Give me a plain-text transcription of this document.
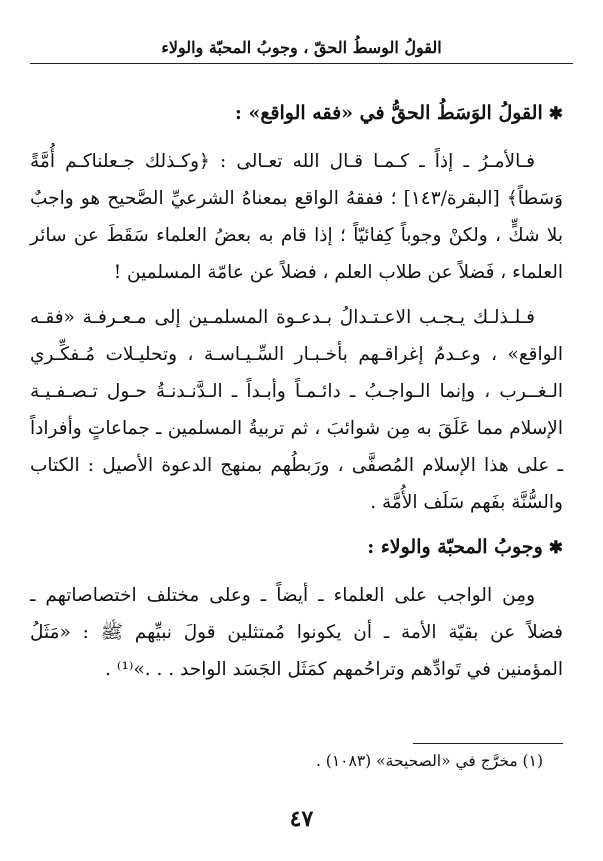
القولُ الوسطُ الحقّ ، وجوبُ المحبّة والولاء
✱القولُ الوَسَطُ الحقُّ في «فقه الواقع» :

فـالأمـرُ ـ إذاً ـ كـمـا قـال الله تعـالى : ﴿وكـذلك جـعلناكـم أُمَّةً وَسَطاً﴾ [البقرة/١٤٣] ؛ ففقهُ الواقع بمعناهُ الشرعيِّ الصَّحيح هو واجبٌ بلا شكٍّ ، ولكنْ وجوباً كِفائيّاً ؛ إذا قام به بعضُ العلماء سَقَطَ عن سائر العلماء ، فَضلاً عن طلاب العلم ، فضلاً عن عامّة المسلمين !

فـلـذلـك يـجـب الاعـتـدالُ بـدعـوة المسلمـين إلى مـعـرفـة «فقـه الواقع» ، وعـدمُ إغراقـهم بأخـبـار السِّـيـاسـة ، وتحليـلات مُـفكِّـري الـغــرب ، وإنما الـواجـبُ ـ دائـمـاً وأبـداً ـ الـدَّنـدنـةُ حـول تـصـفـيـة الإسلام مما عَلَقَ به مِن شوائبَ ، ثم تربيةُ المسلمين ـ جماعاتٍ وأفراداً ـ على هذا الإسلام المُصفَّى ، ورَبطُهم بمنهج الدعوة الأصيل : الكتاب والسُّنَّة بفَهم سَلَف الأُمَّة .

✱وجوبُ المحبّة والولاء :

ومِن الواجب على العلماء ـ أيضاً ـ وعلى مختلف اختصاصاتهم ـ فضلاً عن بقيّة الأمة ـ أن يكونوا مُمتثلين قولَ نبيِّهم ﷺ : «مَثَلُ المؤمنين في تَوادِّهم وتراحُمهم كمَثَل الجَسَد الواحد . . .»⁽¹⁾ .

(١) مخرَّج في «الصحيحة» (١٠٨٣) .
٤٧
